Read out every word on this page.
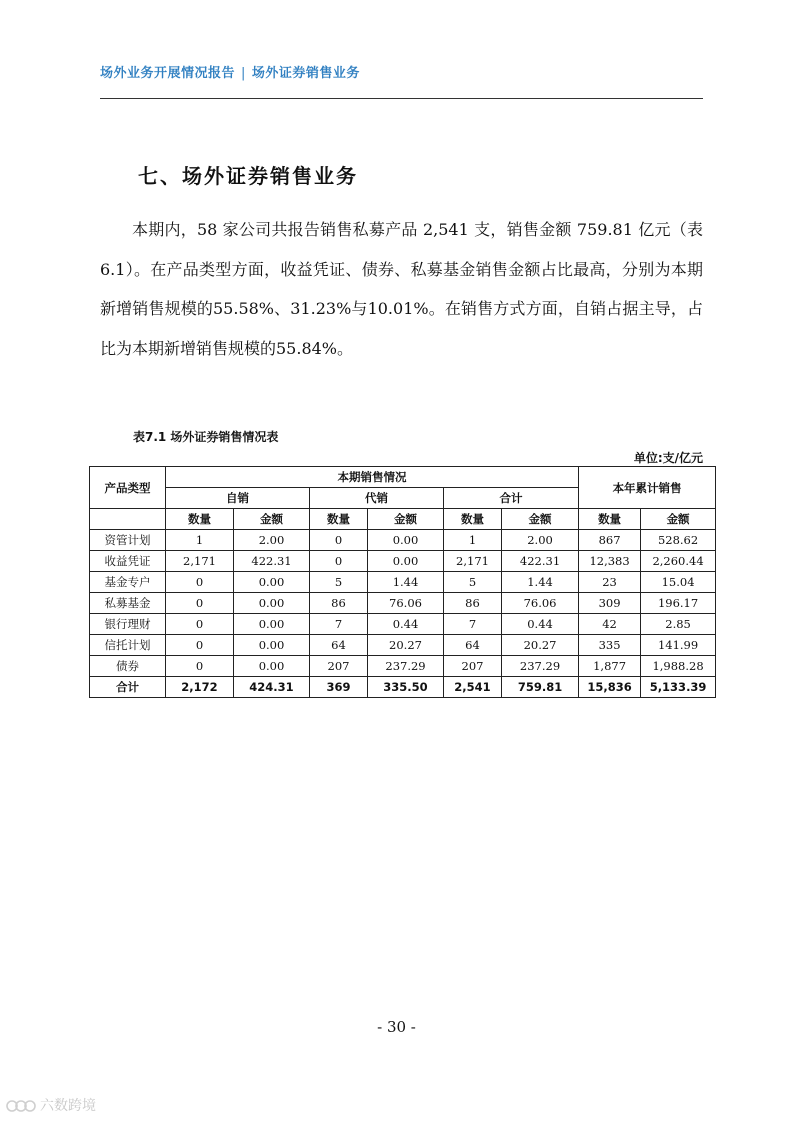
场外业务开展情况报告 | 场外证券销售业务
七、场外证券销售业务
本期内，58 家公司共报告销售私募产品 2,541 支，销售金额 759.81 亿元（表6.1）。在产品类型方面，收益凭证、债券、私募基金销售金额占比最高，分别为本期新增销售规模的55.58%、31.23%与10.01%。在销售方式方面，自销占据主导，占比为本期新增销售规模的55.84%。
表7.1 场外证券销售情况表
单位:支/亿元
产品类型	本期销售情况						本年累计销售	
	自销		代销		合计			
	数量	金额	数量	金额	数量	金额	数量	金额
资管计划	1	2.00	0	0.00	1	2.00	867	528.62
收益凭证	2,171	422.31	0	0.00	2,171	422.31	12,383	2,260.44
基金专户	0	0.00	5	1.44	5	1.44	23	15.04
私募基金	0	0.00	86	76.06	86	76.06	309	196.17
银行理财	0	0.00	7	0.44	7	0.44	42	2.85
信托计划	0	0.00	64	20.27	64	20.27	335	141.99
债券	0	0.00	207	237.29	207	237.29	1,877	1,988.28
合计	2,172	424.31	369	335.50	2,541	759.81	15,836	5,133.39
- 30 -
六数跨境
